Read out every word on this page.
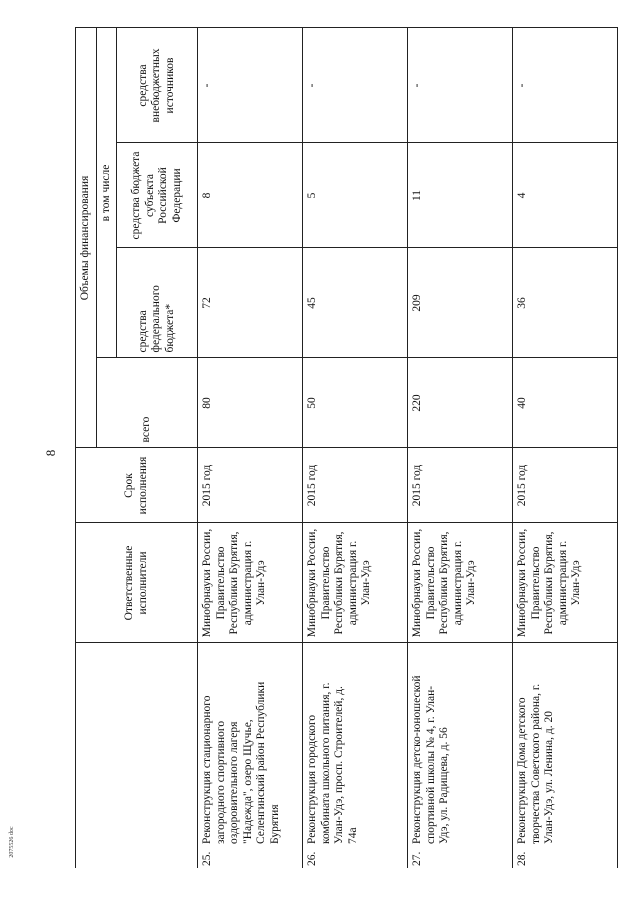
8
	Ответственные исполнители	Срок исполнения	Объемы финансирования			
			всего	в том числе		
				средства федерального бюджета*	средства бюджета субъекта Российской Федерации	средства внебюджетных источников
25.Реконструкция стационарного загородного спортивного оздоровительного лагеря "Надежда", озеро Щучье, Селенгинский район Республики Бурятия	Минобрнауки России, Правительство Республики Бурятия, администрация г. Улан-Удэ	2015 год	80	72	8	-
26.Реконструкция городского комбината школьного питания, г. Улан-Удэ, просп. Строителей, д. 74а	Минобрнауки России, Правительство Республики Бурятия, администрация г. Улан-Удэ	2015 год	50	45	5	-
27.Реконструкция детско-юношеской спортивной школы № 4, г. Улан-Удэ, ул. Радищева, д. 56	Минобрнауки России, Правительство Республики Бурятия, администрация г. Улан-Удэ	2015 год	220	209	11	-
28.Реконструкция Дома детского творчества Советского района, г. Улан-Удэ, ул. Ленина, д. 20	Минобрнауки России, Правительство Республики Бурятия, администрация г. Улан-Удэ	2015 год	40	36	4	-
2075526 doc
